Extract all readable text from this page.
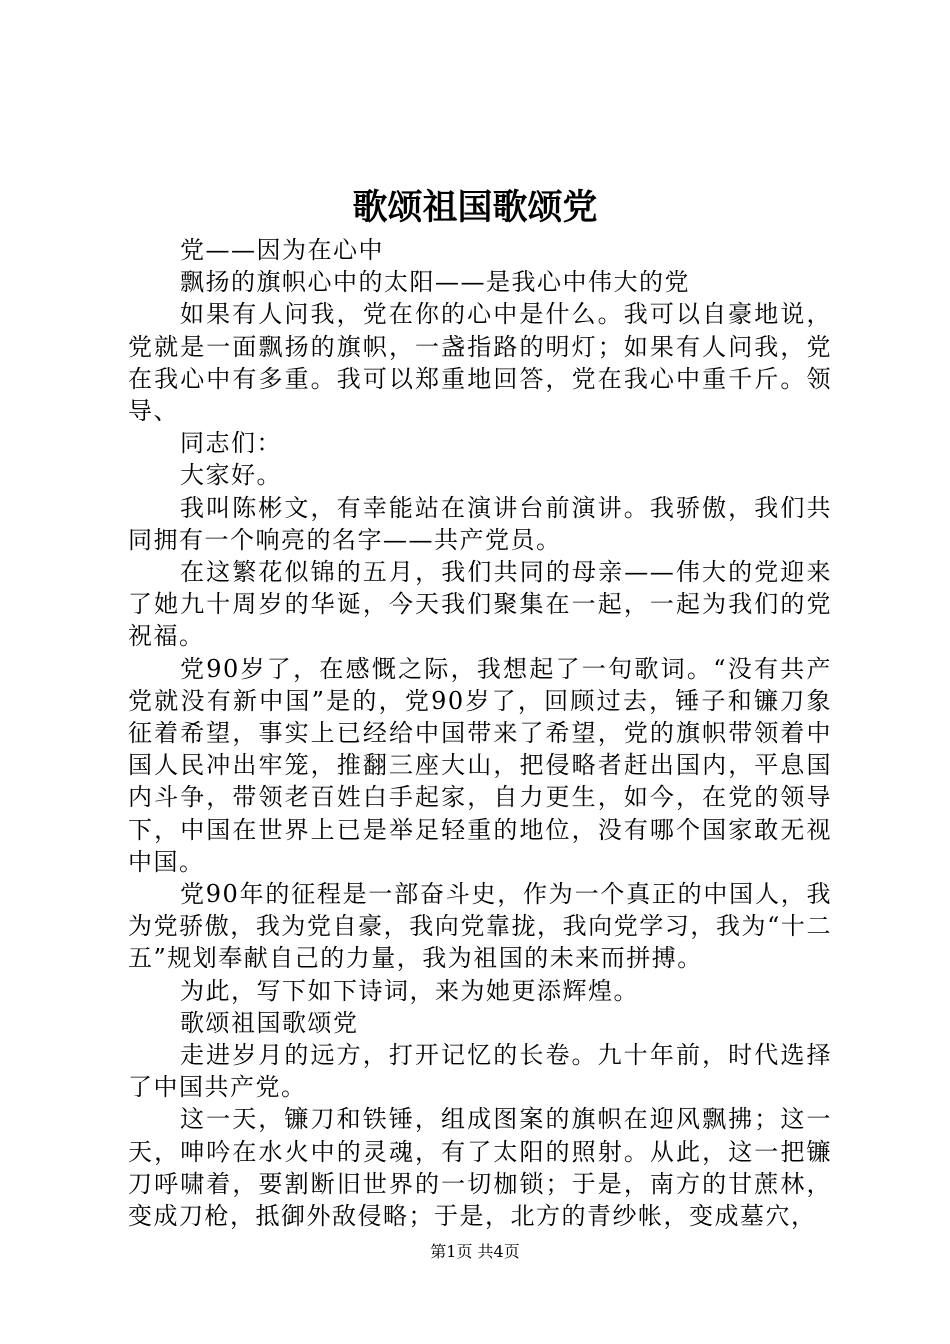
歌颂祖国歌颂党

党——因为在心中

飘扬的旗帜心中的太阳——是我心中伟大的党

如果有人问我，党在你的心中是什么。我可以自豪地说，党就是一面飘扬的旗帜，一盏指路的明灯；如果有人问我，党在我心中有多重。我可以郑重地回答，党在我心中重千斤。领导、

同志们：

大家好。

我叫陈彬文，有幸能站在演讲台前演讲。我骄傲，我们共同拥有一个响亮的名字——共产党员。

在这繁花似锦的五月，我们共同的母亲——伟大的党迎来了她九十周岁的华诞，今天我们聚集在一起，一起为我们的党祝福。

党90岁了，在感慨之际，我想起了一句歌词。“没有共产党就没有新中国”是的，党90岁了，回顾过去，锤子和镰刀象征着希望，事实上已经给中国带来了希望，党的旗帜带领着中国人民冲出牢笼，推翻三座大山，把侵略者赶出国内，平息国内斗争，带领老百姓白手起家，自力更生，如今，在党的领导下，中国在世界上已是举足轻重的地位，没有哪个国家敢无视中国。

党90年的征程是一部奋斗史，作为一个真正的中国人，我为党骄傲，我为党自豪，我向党靠拢，我向党学习，我为“十二五”规划奉献自己的力量，我为祖国的未来而拼搏。

为此，写下如下诗词，来为她更添辉煌。

歌颂祖国歌颂党

走进岁月的远方，打开记忆的长卷。九十年前，时代选择了中国共产党。

这一天，镰刀和铁锤，组成图案的旗帜在迎风飘拂；这一天，呻吟在水火中的灵魂，有了太阳的照射。从此，这一把镰刀呼啸着，要割断旧世界的一切枷锁；于是，南方的甘蔗林，变成刀枪，抵御外敌侵略；于是，北方的青纱帐，变成墓穴，

第1页 共4页
